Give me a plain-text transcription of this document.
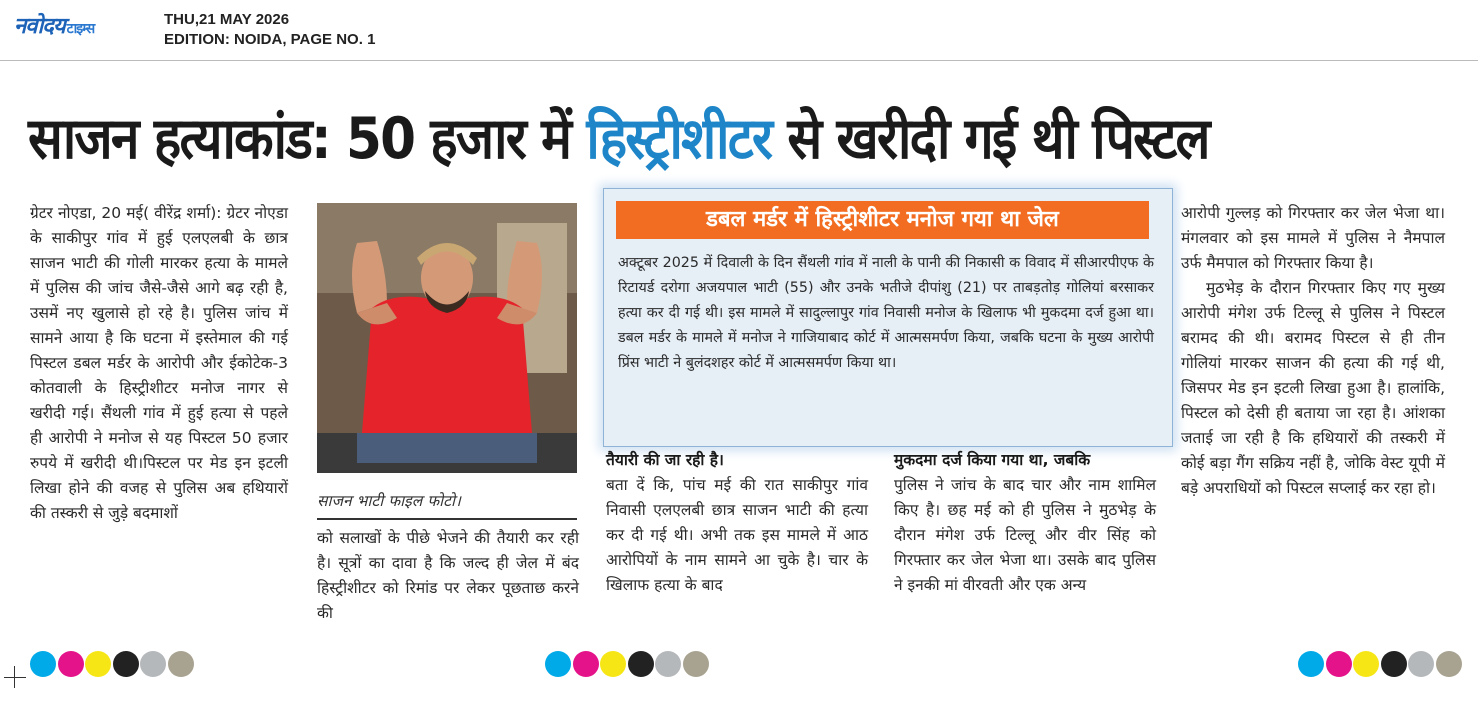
नवोदय टाइम्स
THU,21 MAY 2026
EDITION: NOIDA, PAGE NO. 1
साजन हत्याकांड: 50 हजार में हिस्ट्रीशीटर से खरीदी गई थी पिस्टल
ग्रेटर नोएडा, 20 मई( वीरेंद्र शर्मा): ग्रेटर नोएडा के साकीपुर गांव में हुई एलएलबी के छात्र साजन भाटी की गोली मारकर हत्या के मामले में पुलिस की जांच जैसे-जैसे आगे बढ़ रही है, उसमें नए खुलासे हो रहे है। पुलिस जांच में सामने आया है कि घटना में इस्तेमाल की गई पिस्टल डबल मर्डर के आरोपी और ईकोटेक-3 कोतवाली के हिस्ट्रीशीटर मनोज नागर से खरीदी गई। सैंथली गांव में हुई हत्या से पहले ही आरोपी ने मनोज से यह पिस्टल 50 हजार रुपये में खरीदी थी।पिस्टल पर मेड इन इटली लिखा होने की वजह से पुलिस अब हथियारों की तस्करी से जुड़े बदमाशों
साजन भाटी फाइल फोटो।
को सलाखों के पीछे भेजने की तैयारी कर रही है। सूत्रों का दावा है कि जल्द ही जेल में बंद हिस्ट्रीशीटर को रिमांड पर लेकर पूछताछ करने की
डबल मर्डर में हिस्ट्रीशीटर मनोज गया था जेल
अक्टूबर 2025 में दिवाली के दिन सैंथली गांव में नाली के पानी की निकासी क विवाद में सीआरपीएफ के रिटायर्ड दरोगा अजयपाल भाटी (55) और उनके भतीजे दीपांशु (21) पर ताबड़तोड़ गोलियां बरसाकर हत्या कर दी गई थी। इस मामले में सादुल्लापुर गांव निवासी मनोज के खिलाफ भी मुकदमा दर्ज हुआ था।डबल मर्डर के मामले में मनोज ने गाजियाबाद कोर्ट में आत्मसमर्पण किया, जबकि घटना के मुख्य आरोपी प्रिंस भाटी ने बुलंदशहर कोर्ट में आत्मसमर्पण किया था।
तैयारी की जा रही है।
बता दें कि, पांच मई की रात साकीपुर गांव निवासी एलएलबी छात्र साजन भाटी की हत्या कर दी गई थी। अभी तक इस मामले में आठ आरोपियों के नाम सामने आ चुके है। चार के खिलाफ हत्या के बाद
मुकदमा दर्ज किया गया था, जबकि
पुलिस ने जांच के बाद चार और नाम शामिल किए है। छह मई को ही पुलिस ने मुठभेड़ के दौरान मंगेश उर्फ टिल्लू और वीर सिंह को गिरफ्तार कर जेल भेजा था। उसके बाद पुलिस ने इनकी मां वीरवती और एक अन्य
आरोपी गुल्लड़ को गिरफ्तार कर जेल भेजा था। मंगलवार को इस मामले में पुलिस ने नैमपाल उर्फ मैमपाल को गिरफ्तार किया है।
मुठभेड़ के दौरान गिरफ्तार किए गए मुख्य आरोपी मंगेश उर्फ टिल्लू से पुलिस ने पिस्टल बरामद की थी। बरामद पिस्टल से ही तीन गोलियां मारकर साजन की हत्या की गई थी, जिसपर मेड इन इटली लिखा हुआ है। हालांकि, पिस्टल को देसी ही बताया जा रहा है। आंशका जताई जा रही है कि हथियारों की तस्करी में कोई बड़ा गैंग सक्रिय नहीं है, जोकि वेस्ट यूपी में बड़े अपराधियों को पिस्टल सप्लाई कर रहा हो।
